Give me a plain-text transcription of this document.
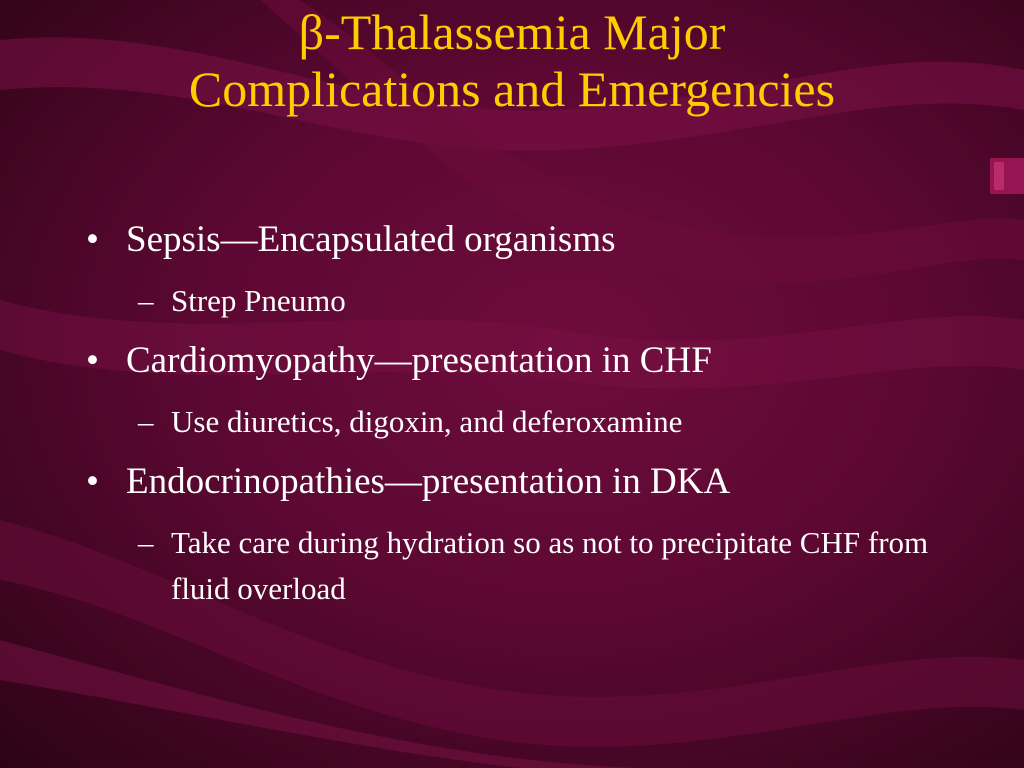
β-Thalassemia Major
Complications and Emergencies
• Sepsis—Encapsulated organisms
– Strep Pneumo
• Cardiomyopathy—presentation in CHF
– Use diuretics, digoxin, and deferoxamine
• Endocrinopathies—presentation in DKA
– Take care during hydration so as not to precipitate CHF from fluid overload
